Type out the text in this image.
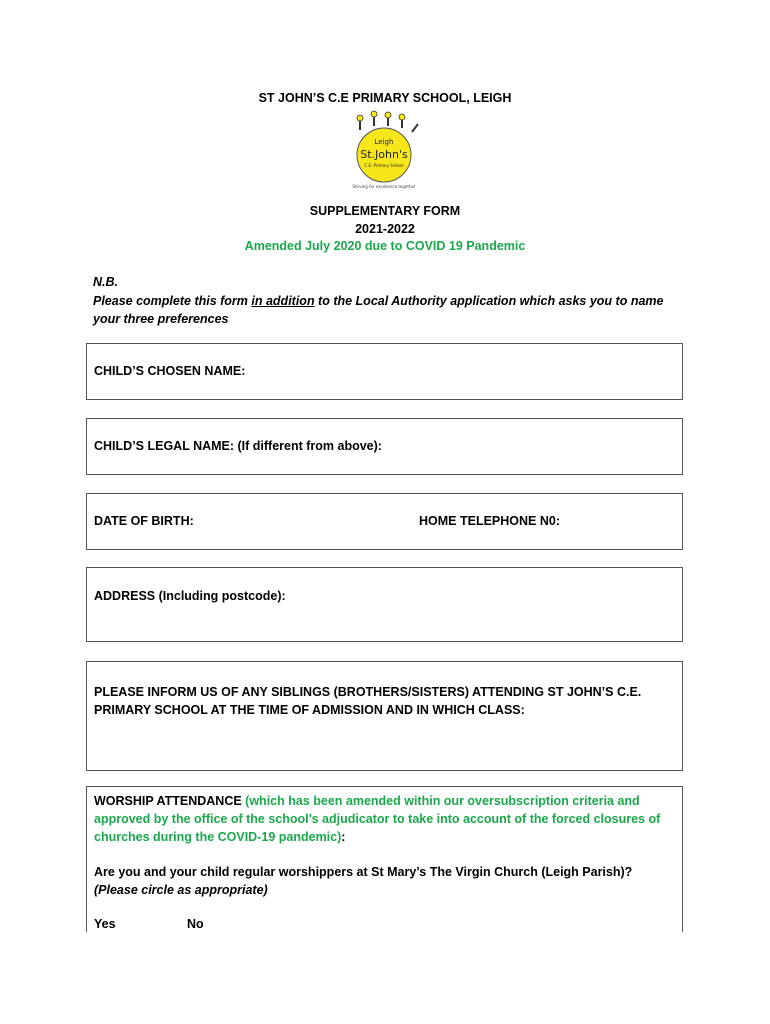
ST JOHN’S C.E PRIMARY SCHOOL, LEIGH
Leigh
St.John's
C.E. Primary School
Striving for excellence together
SUPPLEMENTARY FORM
2021-2022
Amended July 2020 due to COVID 19 Pandemic
N.B.
Please complete this form in addition to the Local Authority application which asks you to name your three preferences
CHILD’S CHOSEN NAME:
CHILD’S LEGAL NAME: (If different from above):
DATE OF BIRTH:	HOME TELEPHONE N0:
ADDRESS (Including postcode):
PLEASE INFORM US OF ANY SIBLINGS (BROTHERS/SISTERS) ATTENDING ST JOHN’S C.E. PRIMARY SCHOOL AT THE TIME OF ADMISSION AND IN WHICH CLASS:
WORSHIP ATTENDANCE (which has been amended within our oversubscription criteria and approved by the office of the school’s adjudicator to take into account of the forced closures of churches during the COVID-19 pandemic):
Are you and your child regular worshippers at St Mary’s The Virgin Church (Leigh Parish)?
(Please circle as appropriate)
Yes	No
